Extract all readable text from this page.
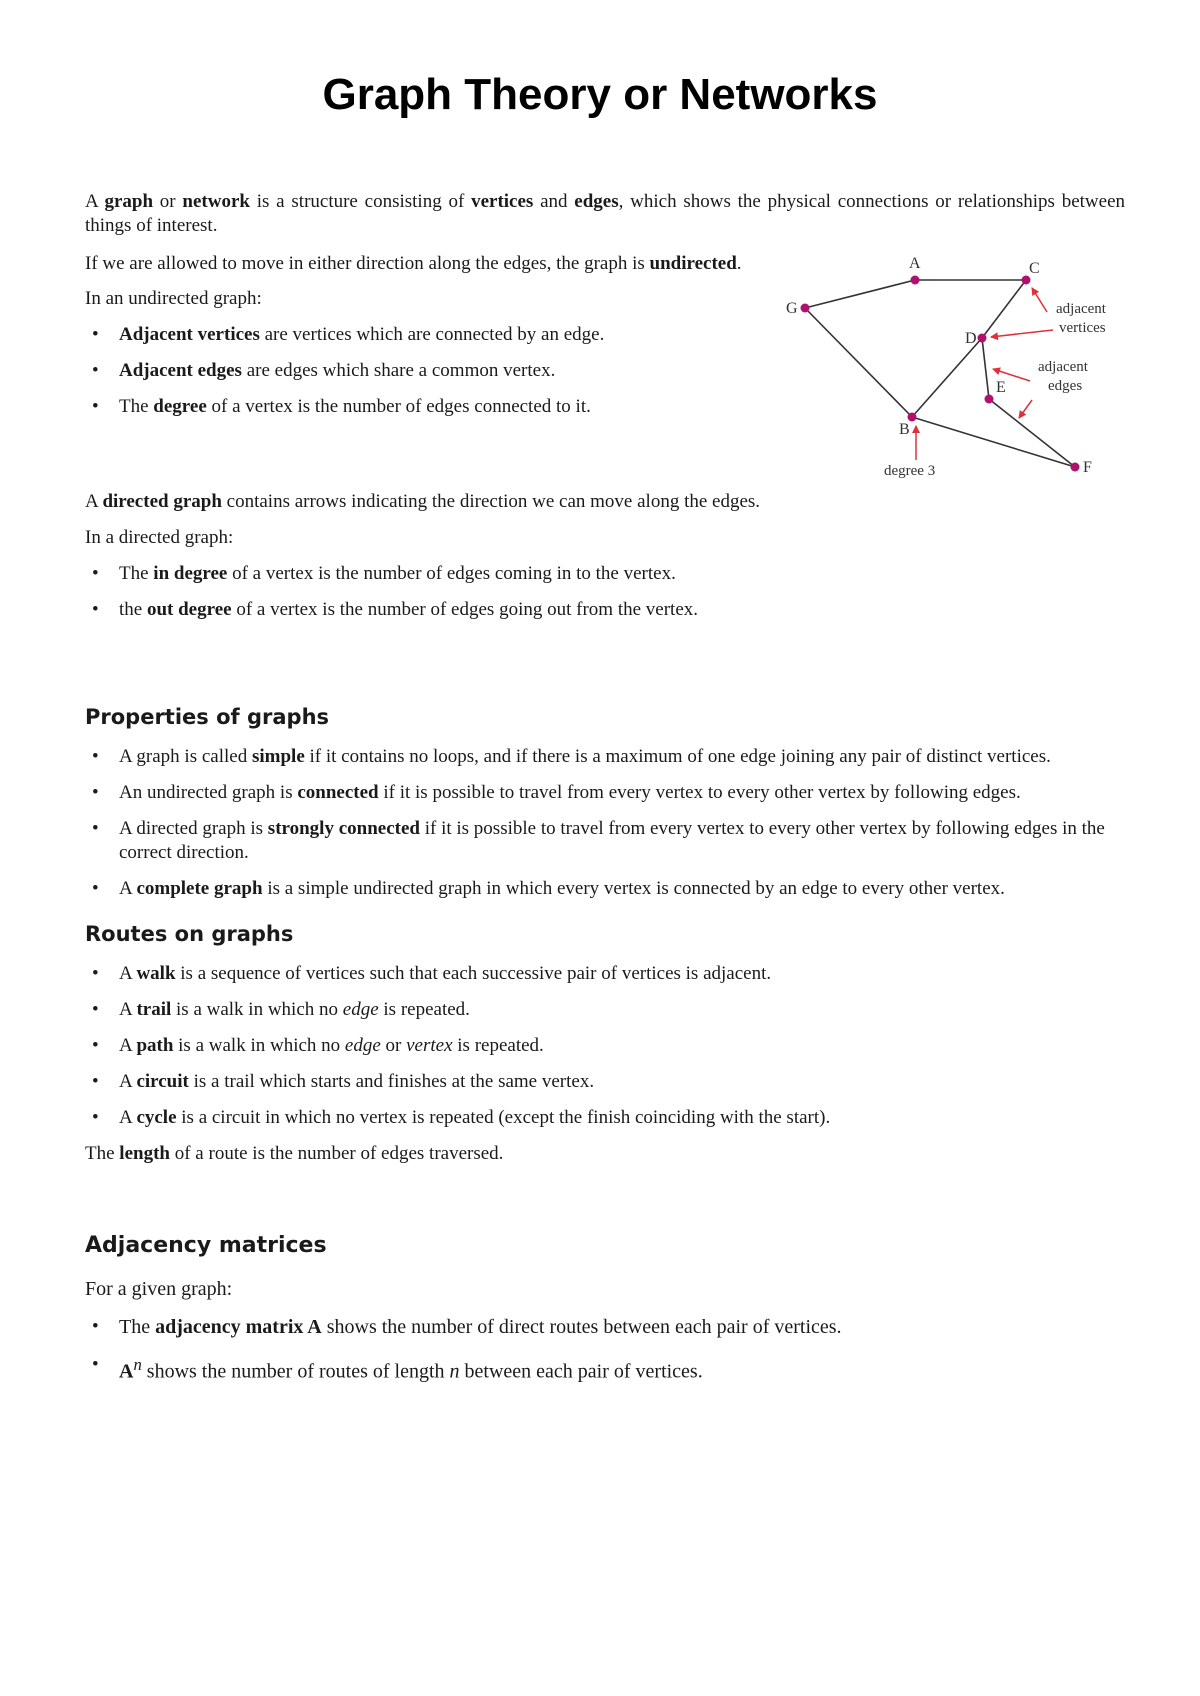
Graph Theory or Networks

A graph or network is a structure consisting of vertices and edges, which shows the physical connections or relationships between things of interest.

If we are allowed to move in either direction along the edges, the graph is undirected.

In an undirected graph:

• Adjacent vertices are vertices which are connected by an edge.

• Adjacent edges are edges which share a common vertex.

• The degree of a vertex is the number of edges connected to it.

A directed graph contains arrows indicating the direction we can move along the edges.

In a directed graph:

• The in degree of a vertex is the number of edges coming in to the vertex.

• the out degree of a vertex is the number of edges going out from the vertex.

A	C
G
D
E
B
F
adjacent
vertices
adjacent
edges
degree 3
Properties of graphs

• A graph is called simple if it contains no loops, and if there is a maximum of one edge joining any pair of distinct vertices.

• An undirected graph is connected if it is possible to travel from every vertex to every other vertex by following edges.

• A directed graph is strongly connected if it is possible to travel from every vertex to every other vertex by following edges in the correct direction.

• A complete graph is a simple undirected graph in which every vertex is connected by an edge to every other vertex.

Routes on graphs

• A walk is a sequence of vertices such that each successive pair of vertices is adjacent.

• A trail is a walk in which no edge is repeated.

• A path is a walk in which no edge or vertex is repeated.

• A circuit is a trail which starts and finishes at the same vertex.

• A cycle is a circuit in which no vertex is repeated (except the finish coinciding with the start).

The length of a route is the number of edges traversed.

Adjacency matrices

For a given graph:

• The adjacency matrix A shows the number of direct routes between each pair of vertices.

• $A^n$ shows the number of routes of length n between each pair of vertices.
